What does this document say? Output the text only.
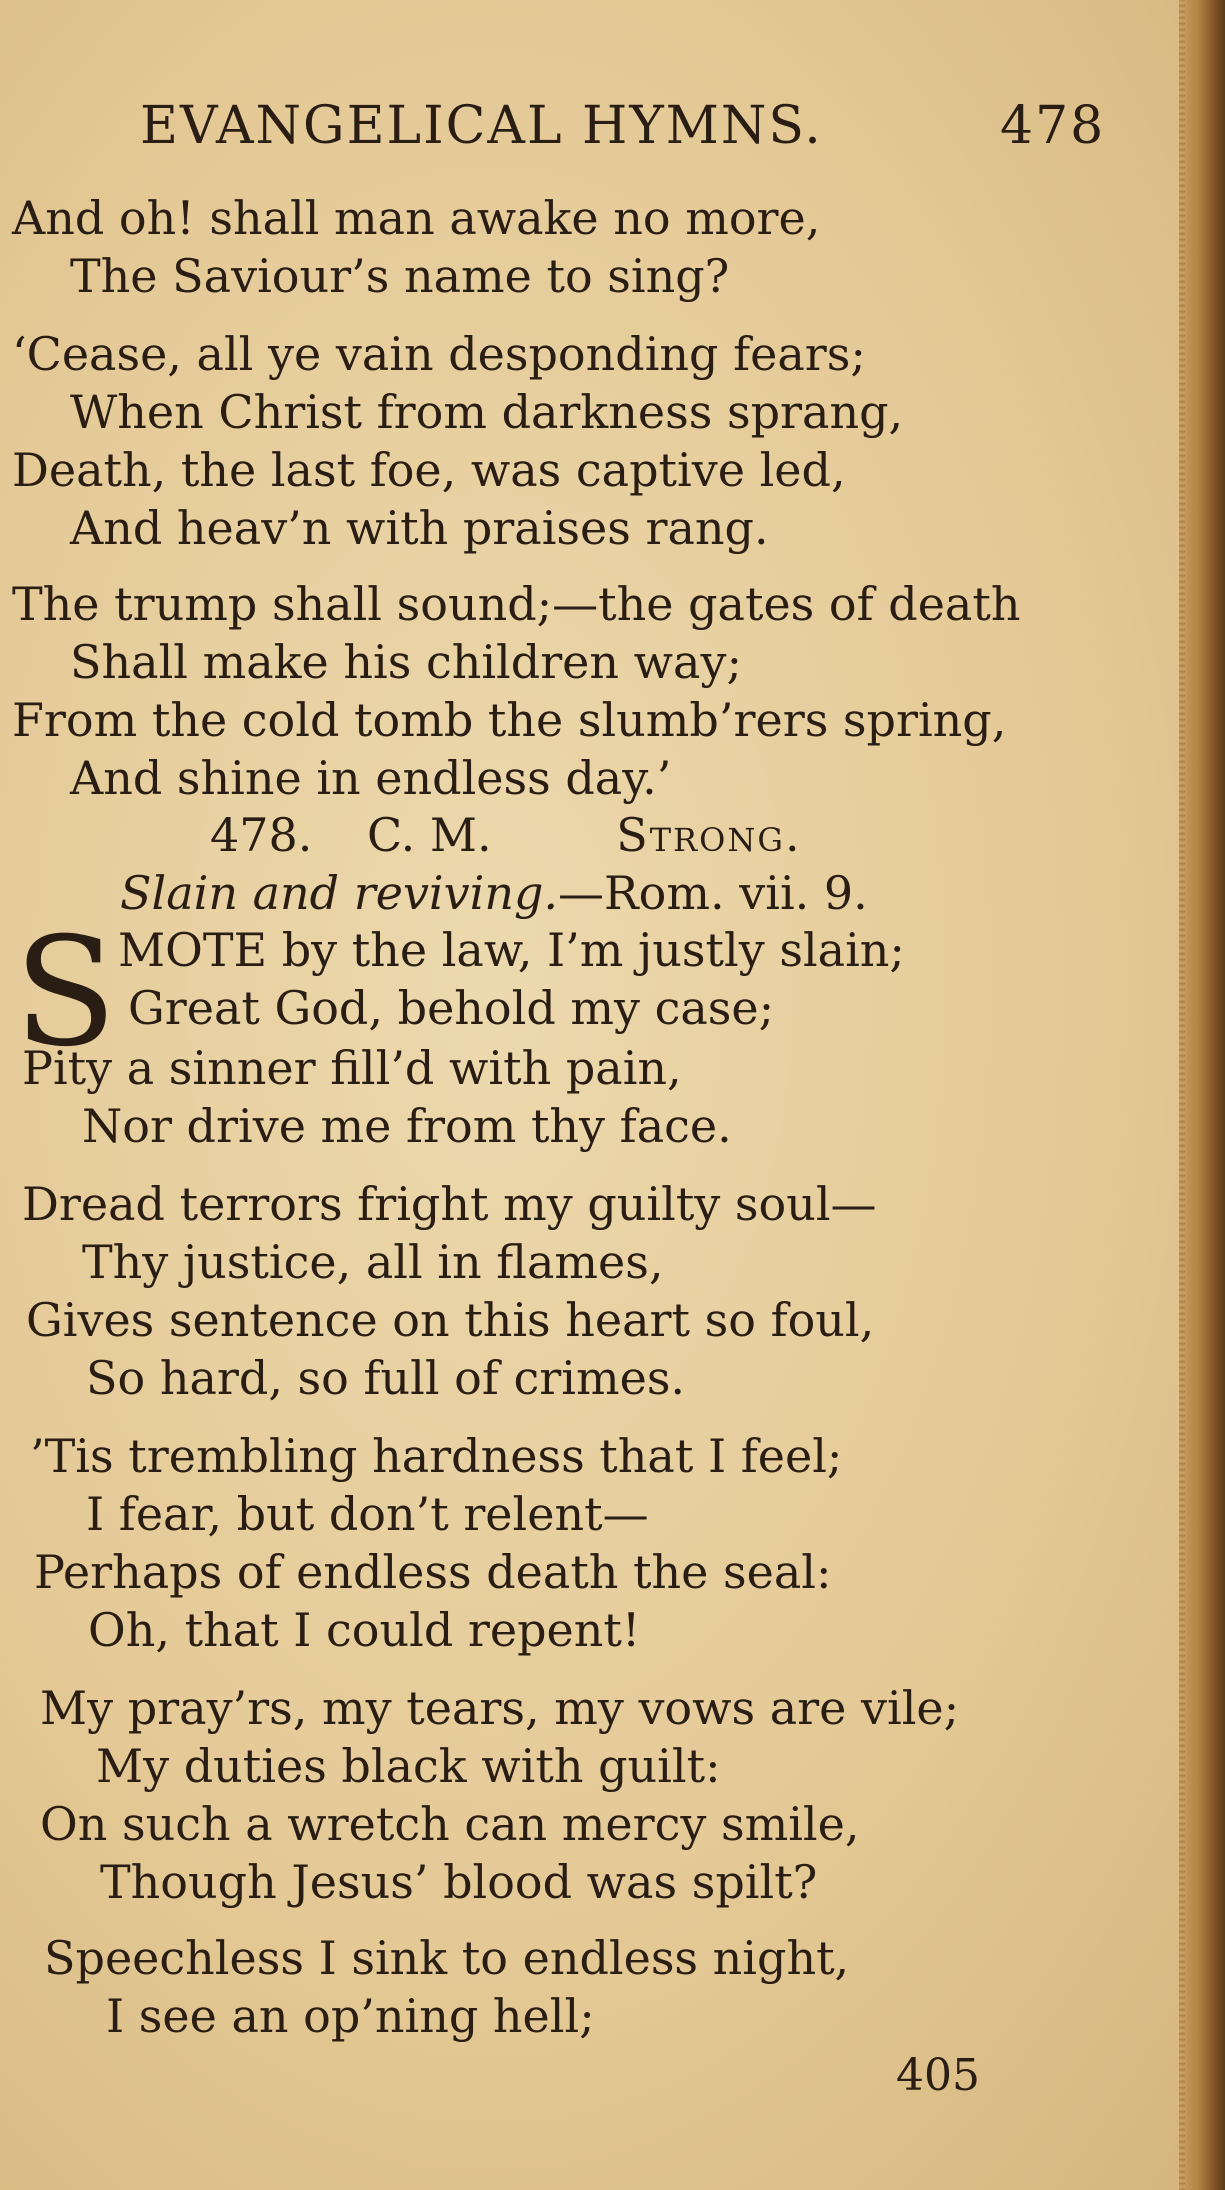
EVANGELICAL HYMNS.	478
And oh! shall man awake no more,
The Saviour’s name to sing?
‘Cease, all ye vain desponding fears;
When Christ from darkness sprang,
Death, the last foe, was captive led,
And heav’n with praises rang.
The trump shall sound;—the gates of death
Shall make his children way;
From the cold tomb the slumb’rers spring,
And shine in endless day.’
478. C. M.	Strong.
Slain and reviving.—Rom. vii. 9.
S MOTE by the law, I’m justly slain;
Great God, behold my case;
Pity a sinner fill’d with pain,
Nor drive me from thy face.
Dread terrors fright my guilty soul—
Thy justice, all in flames,
Gives sentence on this heart so foul,
So hard, so full of crimes.
’Tis trembling hardness that I feel;
I fear, but don’t relent—
Perhaps of endless death the seal:
Oh, that I could repent!
My pray’rs, my tears, my vows are vile;
My duties black with guilt:
On such a wretch can mercy smile,
Though Jesus’ blood was spilt?
Speechless I sink to endless night,
I see an op’ning hell;
405
